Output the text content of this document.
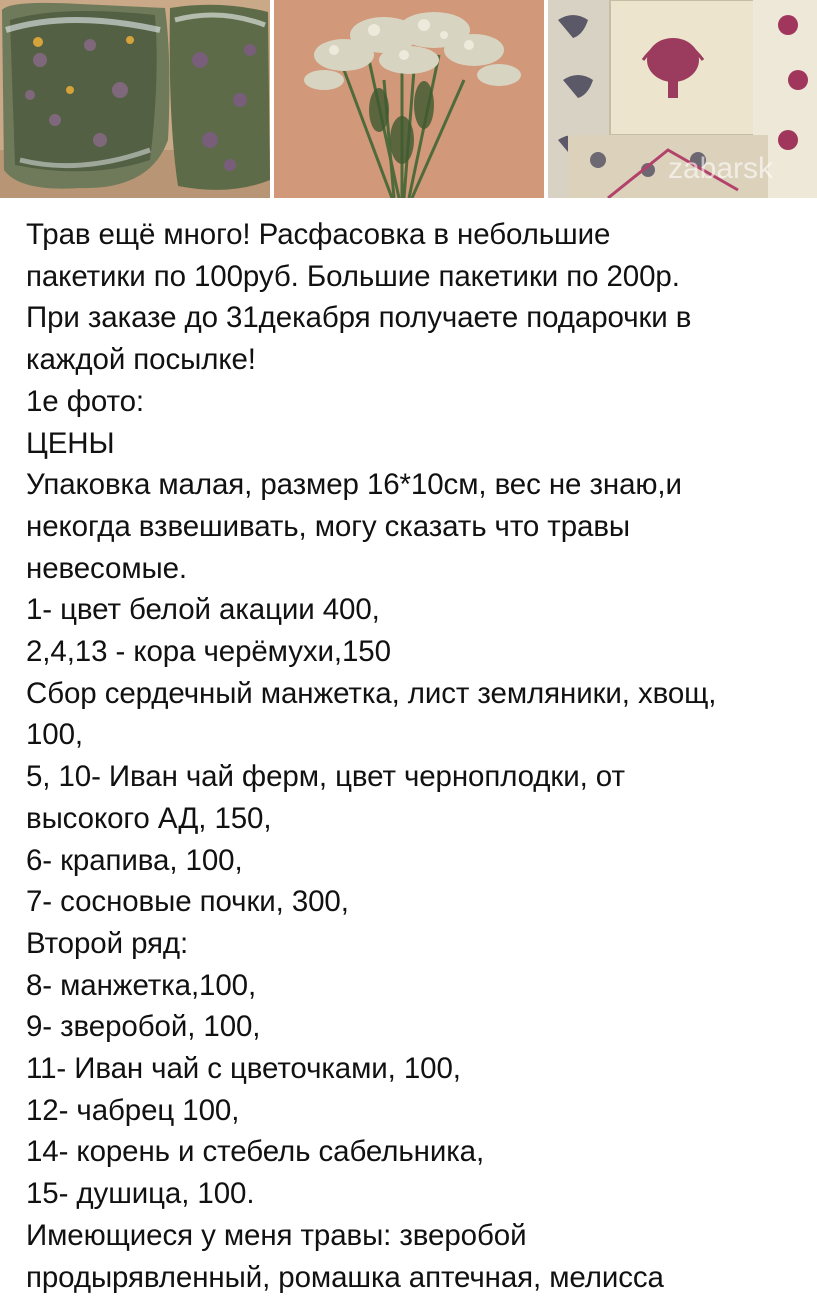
zabarsk
Трав ещё много! Расфасовка в небольшие
пакетики по 100руб. Большие пакетики по 200р.
При заказе до 31декабря получаете подарочки в
каждой посылке!
1е фото:
ЦЕНЫ
Упаковка малая, размер 16*10см, вес не знаю,и
некогда взвешивать, могу сказать что травы
невесомые.
1- цвет белой акации 400,
2,4,13 - кора черёмухи,150
Сбор сердечный манжетка, лист земляники, хвощ,
100,
5, 10- Иван чай ферм, цвет черноплодки, от
высокого АД, 150,
6- крапива, 100,
7- сосновые почки, 300,
Второй ряд:
8- манжетка,100,
9- зверобой, 100,
11- Иван чай с цветочками, 100,
12- чабрец 100,
14- корень и стебель сабельника,
15- душица, 100.
Имеющиеся у меня травы: зверобой
продырявленный, ромашка аптечная, мелисса
